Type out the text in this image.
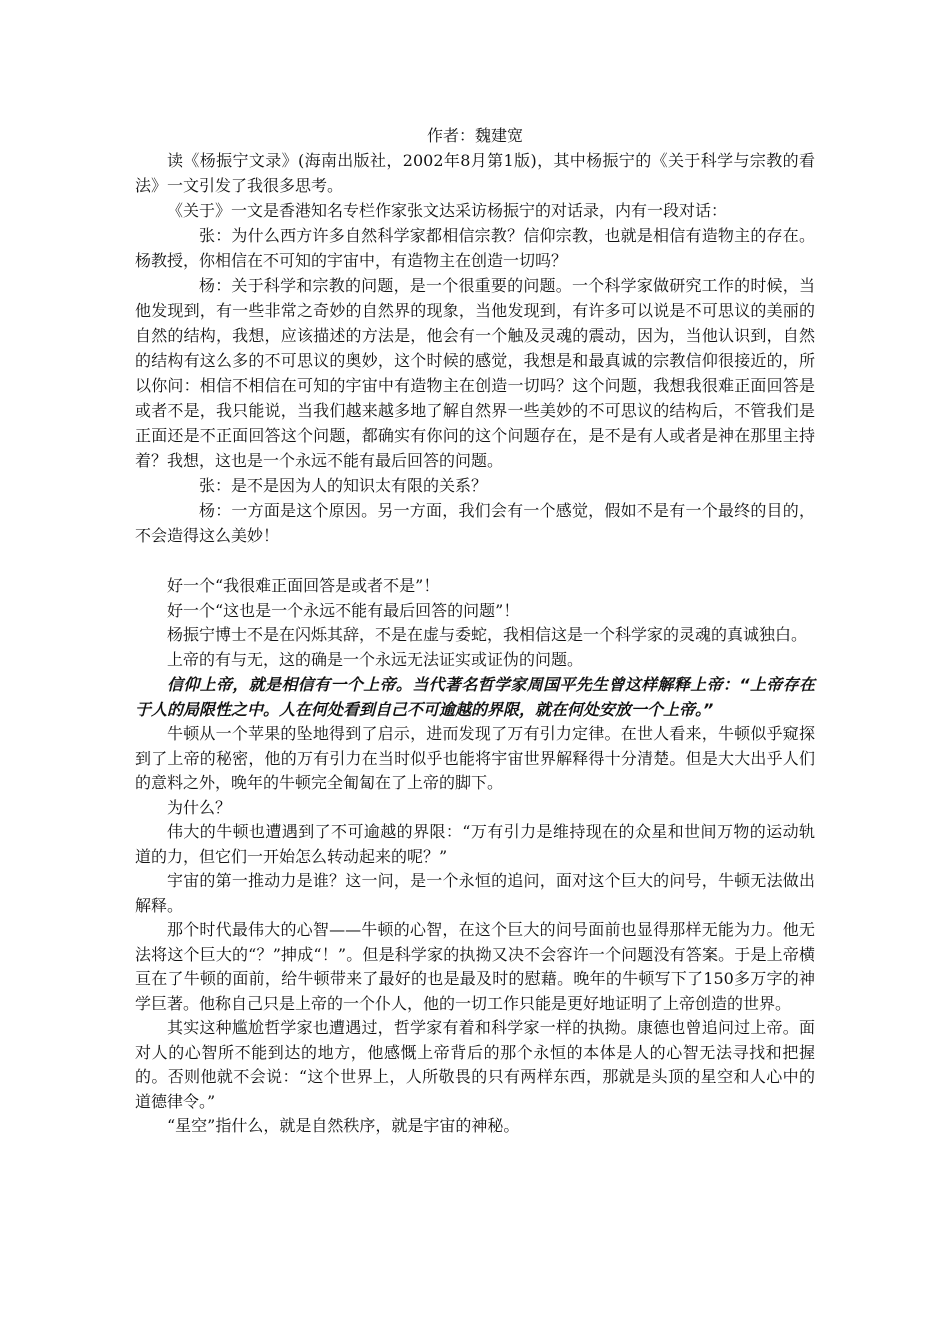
作者：魏建宽

读《杨振宁文录》(海南出版社，2002年8月第1版)，其中杨振宁的《关于科学与宗教的看法》一文引发了我很多思考。

《关于》一文是香港知名专栏作家张文达采访杨振宁的对话录，内有一段对话：

张：为什么西方许多自然科学家都相信宗教？信仰宗教，也就是相信有造物主的存在。杨教授，你相信在不可知的宇宙中，有造物主在创造一切吗？

杨：关于科学和宗教的问题，是一个很重要的问题。一个科学家做研究工作的时候，当他发现到，有一些非常之奇妙的自然界的现象，当他发现到，有许多可以说是不可思议的美丽的自然的结构，我想，应该描述的方法是，他会有一个触及灵魂的震动，因为，当他认识到，自然的结构有这么多的不可思议的奥妙，这个时候的感觉，我想是和最真诚的宗教信仰很接近的，所以你问：相信不相信在可知的宇宙中有造物主在创造一切吗？这个问题，我想我很难正面回答是或者不是，我只能说，当我们越来越多地了解自然界一些美妙的不可思议的结构后，不管我们是正面还是不正面回答这个问题，都确实有你问的这个问题存在，是不是有人或者是神在那里主持着？我想，这也是一个永远不能有最后回答的问题。

张：是不是因为人的知识太有限的关系？

杨：一方面是这个原因。另一方面，我们会有一个感觉，假如不是有一个最终的目的，不会造得这么美妙！

好一个“我很难正面回答是或者不是”！

好一个“这也是一个永远不能有最后回答的问题”！

杨振宁博士不是在闪烁其辞，不是在虚与委蛇，我相信这是一个科学家的灵魂的真诚独白。

上帝的有与无，这的确是一个永远无法证实或证伪的问题。

信仰上帝，就是相信有一个上帝。当代著名哲学家周国平先生曾这样解释上帝：“上帝存在于人的局限性之中。人在何处看到自己不可逾越的界限，就在何处安放一个上帝。”

牛顿从一个苹果的坠地得到了启示，进而发现了万有引力定律。在世人看来，牛顿似乎窥探到了上帝的秘密，他的万有引力在当时似乎也能将宇宙世界解释得十分清楚。但是大大出乎人们的意料之外，晚年的牛顿完全匍匐在了上帝的脚下。

为什么？

伟大的牛顿也遭遇到了不可逾越的界限：“万有引力是维持现在的众星和世间万物的运动轨道的力，但它们一开始怎么转动起来的呢？”

宇宙的第一推动力是谁？这一问，是一个永恒的追问，面对这个巨大的问号，牛顿无法做出解释。

那个时代最伟大的心智——牛顿的心智，在这个巨大的问号面前也显得那样无能为力。他无法将这个巨大的“？”抻成“！”。但是科学家的执拗又决不会容许一个问题没有答案。于是上帝横亘在了牛顿的面前，给牛顿带来了最好的也是最及时的慰藉。晚年的牛顿写下了150多万字的神学巨著。他称自己只是上帝的一个仆人，他的一切工作只能是更好地证明了上帝创造的世界。

其实这种尴尬哲学家也遭遇过，哲学家有着和科学家一样的执拗。康德也曾追问过上帝。面对人的心智所不能到达的地方，他感慨上帝背后的那个永恒的本体是人的心智无法寻找和把握的。否则他就不会说：“这个世界上，人所敬畏的只有两样东西，那就是头顶的星空和人心中的道德律令。”

“星空”指什么，就是自然秩序，就是宇宙的神秘。
